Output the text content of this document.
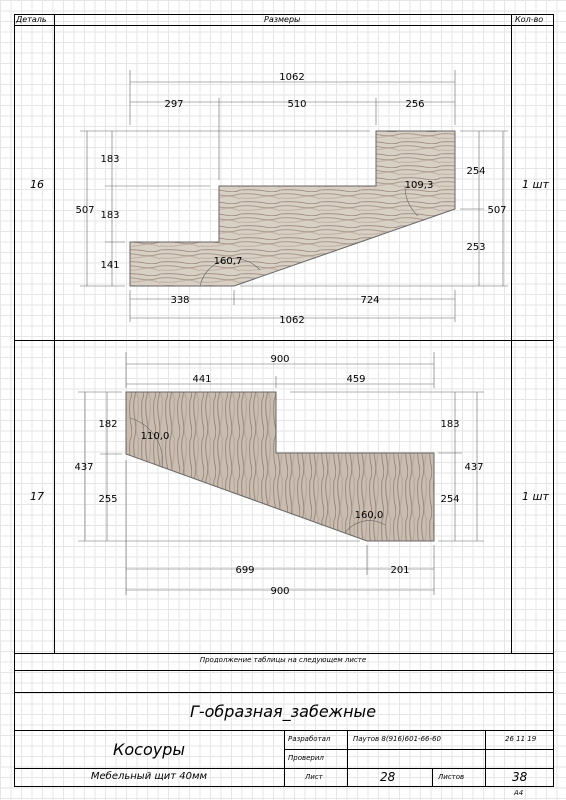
Деталь	Размеры	Кол-во
16	1 шт
17	1 шт
1062
297	510	256
507
183
183
141
254
253
507
109,3
160,7
338	724
1062
900
441	459
182
437
255
183
437
254
110,0
160,0
699	201
900
Продолжение таблицы на следующем листе
Г-образная_забежные
Косоуры
Мебельный щит 40мм
Разработал	Паутов 8(916)601-66-60	26 11 19
Проверил
Лист	28	Листов	38
А4
